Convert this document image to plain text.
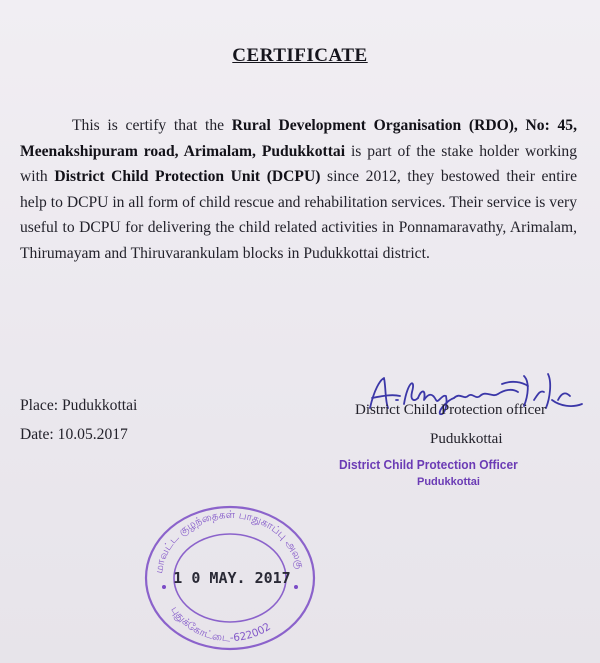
CERTIFICATE

This is certify that the Rural Development Organisation (RDO), No: 45, Meenakshipuram road, Arimalam, Pudukkottai is part of the stake holder working with District Child Protection Unit (DCPU) since 2012, they bestowed their entire help to DCPU in all form of child rescue and rehabilitation services. Their service is very useful to DCPU for delivering the child related activities in Ponnamaravathy, Arimalam, Thirumayam and Thiruvarankulam blocks in Pudukkottai district.

Place: Pudukkottai
Date: 10.05.2017
District Child Protection officer
Pudukkottai
District Child Protection Officer
Pudukkottai
மாவட்ட குழந்தைகள் பாதுகாப்பு அலகு
புதுக்கோட்டை-622002
1 0 MAY. 2017
